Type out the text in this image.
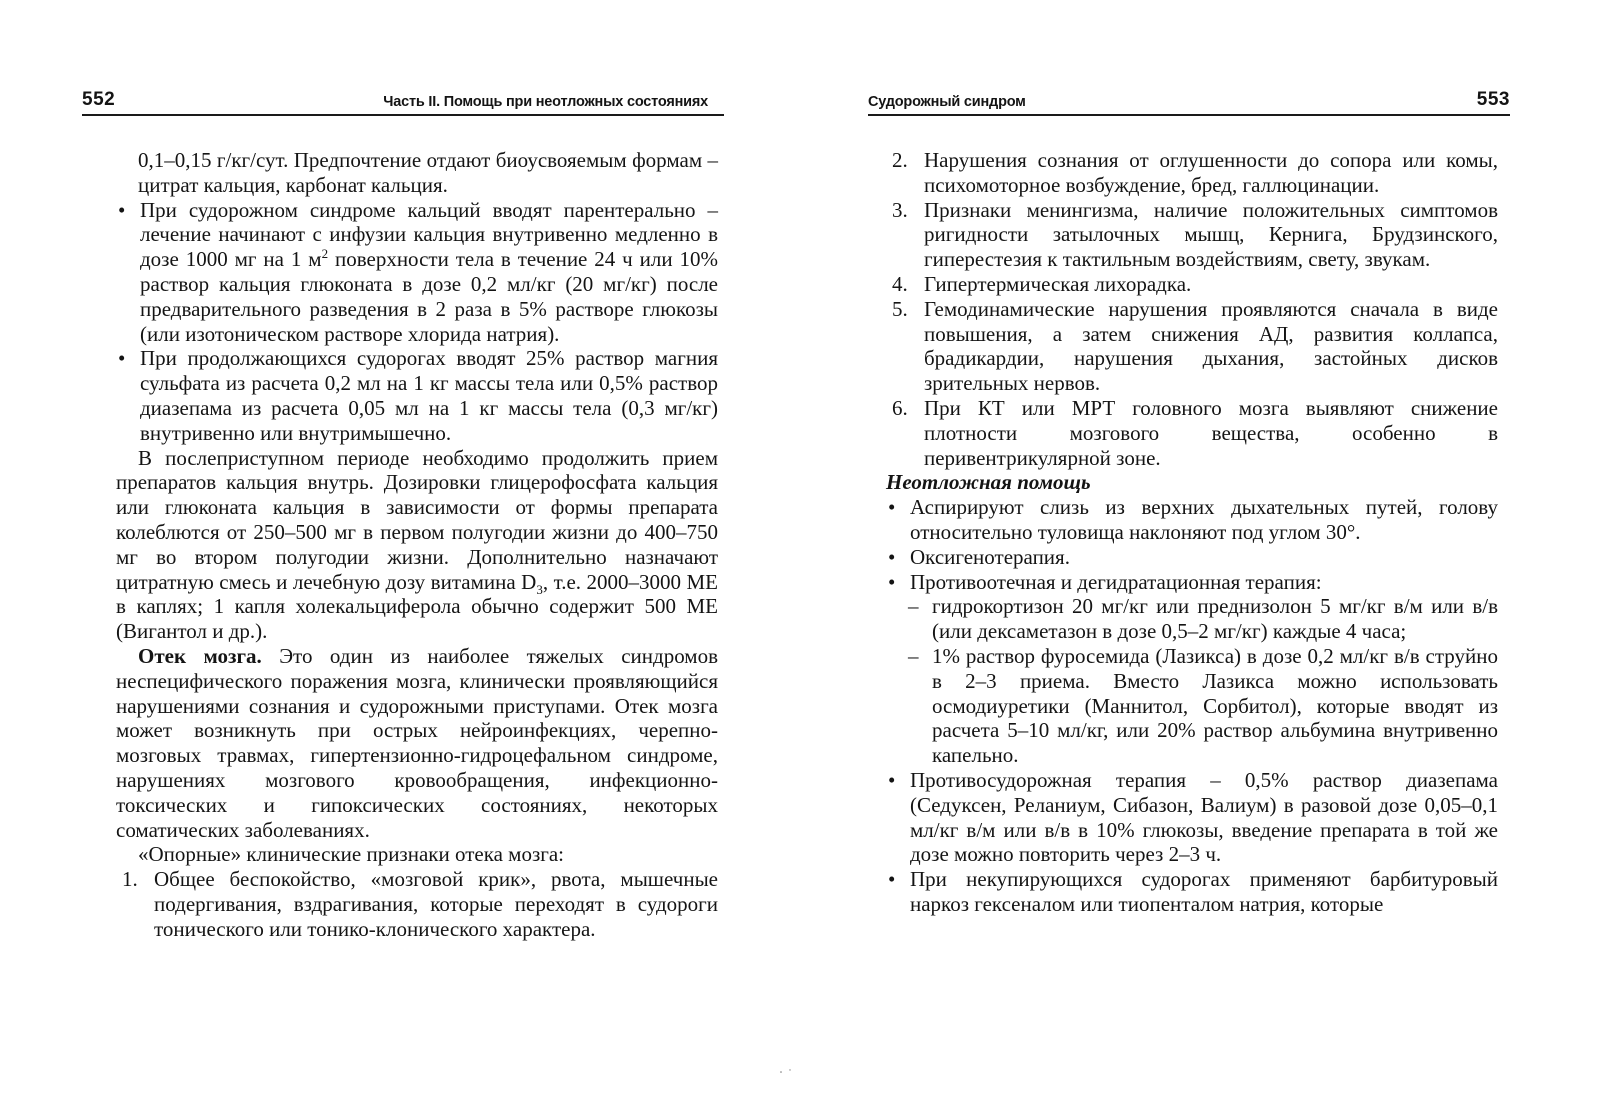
552	Часть II. Помощь при неотложных состояниях

0,1–0,15 г/кг/сут. Предпочтение отдают биоусвояемым формам – цитрат кальция, карбонат кальция.

• При судорожном синдроме кальций вводят парентерально – лечение начинают с инфузии кальция внутривенно медленно в дозе 1000 мг на 1 $м^2$ поверхности тела в течение 24 ч или 10% раствор кальция глюконата в дозе 0,2 мл/кг (20 мг/кг) после предварительного разведения в 2 раза в 5% растворе глюкозы (или изотоническом растворе хлорида натрия).

• При продолжающихся судорогах вводят 25% раствор магния сульфата из расчета 0,2 мл на 1 кг массы тела или 0,5% раствор диазепама из расчета 0,05 мл на 1 кг массы тела (0,3 мг/кг) внутривенно или внутримышечно.

В послеприступном периоде необходимо продолжить прием препаратов кальция внутрь. Дозировки глицерофосфата кальция или глюконата кальция в зависимости от формы препарата колеблются от 250–500 мг в первом полугодии жизни до 400–750 мг во втором полугодии жизни. Дополнительно назначают цитратную смесь и лечебную дозу витамина $D_3$, т.е. 2000–3000 МЕ в каплях; 1 капля холекальциферола обычно содержит 500 МЕ (Вигантол и др.).

Отек мозга. Это один из наиболее тяжелых синдромов неспецифического поражения мозга, клинически проявляющийся нарушениями сознания и судорожными приступами. Отек мозга может возникнуть при острых нейроинфекциях, черепно-мозговых травмах, гипертензионно-гидроцефальном синдроме, нарушениях мозгового кровообращения, инфекционно-токсических и гипоксических состояниях, некоторых соматических заболеваниях.

«Опорные» клинические признаки отека мозга:

1. Общее беспокойство, «мозговой крик», рвота, мышечные подергивания, вздрагивания, которые переходят в судороги тонического или тонико-клонического характера.

Судорожный синдром	553

2. Нарушения сознания от оглушенности до сопора или комы, психомоторное возбуждение, бред, галлюцинации.

3. Признаки менингизма, наличие положительных симптомов ригидности затылочных мышц, Кернига, Брудзинского, гиперестезия к тактильным воздействиям, свету, звукам.

4. Гипертермическая лихорадка.

5. Гемодинамические нарушения проявляются сначала в виде повышения, а затем снижения АД, развития коллапса, брадикардии, нарушения дыхания, застойных дисков зрительных нервов.

6. При КТ или МРТ головного мозга выявляют снижение плотности мозгового вещества, особенно в перивентрикулярной зоне.

Неотложная помощь

• Аспирируют слизь из верхних дыхательных путей, голову относительно туловища наклоняют под углом 30°.

• Оксигенотерапия.

• Противоотечная и дегидратационная терапия:

– гидрокортизон 20 мг/кг или преднизолон 5 мг/кг в/м или в/в (или дексаметазон в дозе 0,5–2 мг/кг) каждые 4 часа;

– 1% раствор фуросемида (Лазикса) в дозе 0,2 мл/кг в/в струйно в 2–3 приема. Вместо Лазикса можно использовать осмодиуретики (Маннитол, Сорбитол), которые вводят из расчета 5–10 мл/кг, или 20% раствор альбумина внутривенно капельно.

• Противосудорожная терапия – 0,5% раствор диазепама (Седуксен, Реланиум, Сибазон, Валиум) в разовой дозе 0,05–0,1 мл/кг в/м или в/в в 10% глюкозы, введение препарата в той же дозе можно повторить через 2–3 ч.

• При некупирующихся судорогах применяют барбитуровый наркоз гексеналом или тиопенталом натрия, которые
